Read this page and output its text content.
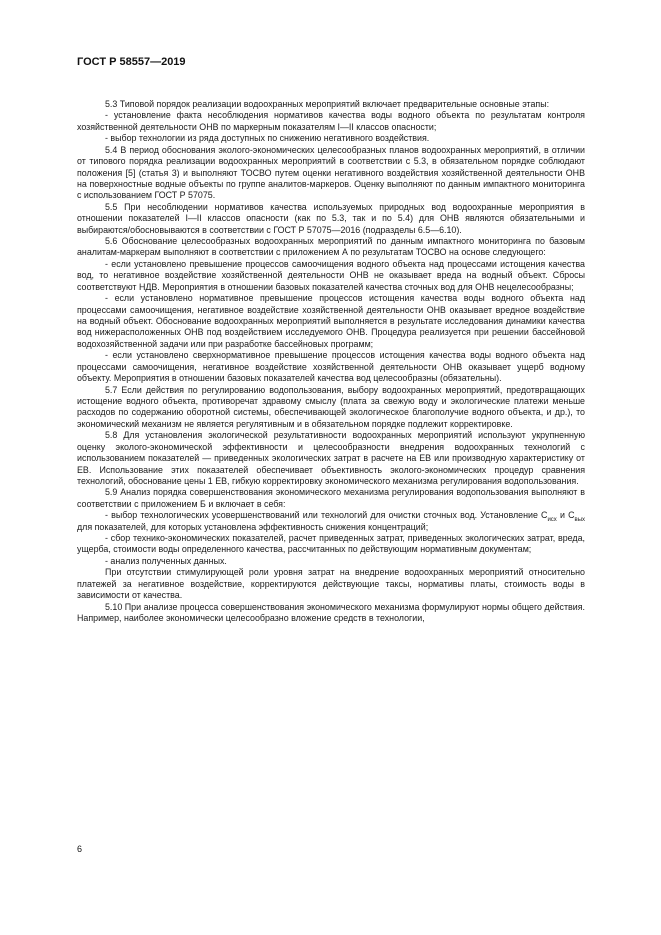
ГОСТ Р 58557—2019

5.3 Типовой порядок реализации водоохранных мероприятий включает предварительные основные этапы:

- установление факта несоблюдения нормативов качества воды водного объекта по результатам контроля хозяйственной деятельности ОНВ по маркерным показателям I—II классов опасности;

- выбор технологии из ряда доступных по снижению негативного воздействия.

5.4 В период обоснования эколого-экономических целесообразных планов водоохранных мероприятий, в отличии от типового порядка реализации водоохранных мероприятий в соответствии с 5.3, в обязательном порядке соблюдают положения [5] (статья 3) и выполняют ТОСВО путем оценки негативного воздействия хозяйственной деятельности ОНВ на поверхностные водные объекты по группе аналитов-маркеров. Оценку выполняют по данным импактного мониторинга с использованием ГОСТ Р 57075.

5.5 При несоблюдении нормативов качества используемых природных вод водоохранные мероприятия в отношении показателей I—II классов опасности (как по 5.3, так и по 5.4) для ОНВ являются обязательными и выбираются/обосновываются в соответствии с ГОСТ Р 57075—2016 (подразделы 6.5—6.10).

5.6 Обоснование целесообразных водоохранных мероприятий по данным импактного мониторинга по базовым аналитам-маркерам выполняют в соответствии с приложением А по результатам ТОСВО на основе следующего:

- если установлено превышение процессов самоочищения водного объекта над процессами истощения качества вод, то негативное воздействие хозяйственной деятельности ОНВ не оказывает вреда на водный объект. Сбросы соответствуют НДВ. Мероприятия в отношении базовых показателей качества сточных вод для ОНВ нецелесообразны;

- если установлено нормативное превышение процессов истощения качества воды водного объекта над процессами самоочищения, негативное воздействие хозяйственной деятельности ОНВ оказывает вредное воздействие на водный объект. Обоснование водоохранных мероприятий выполняется в результате исследования динамики качества вод нижерасположенных ОНВ под воздействием исследуемого ОНВ. Процедура реализуется при решении бассейновой водохозяйственной задачи или при разработке бассейновых программ;

- если установлено сверхнормативное превышение процессов истощения качества воды водного объекта над процессами самоочищения, негативное воздействие хозяйственной деятельности ОНВ оказывает ущерб водному объекту. Мероприятия в отношении базовых показателей качества вод целесообразны (обязательны).

5.7 Если действия по регулированию водопользования, выбору водоохранных мероприятий, предотвращающих истощение водного объекта, противоречат здравому смыслу (плата за свежую воду и экологические платежи меньше расходов по содержанию оборотной системы, обеспечивающей экологическое благополучие водного объекта, и др.), то экономический механизм не является регулятивным и в обязательном порядке подлежит корректировке.

5.8 Для установления экологической результативности водоохранных мероприятий используют укрупненную оценку эколого-экономической эффективности и целесообразности внедрения водоохранных технологий с использованием показателей — приведенных экологических затрат в расчете на ЕВ или производную характеристику от ЕВ. Использование этих показателей обеспечивает объективность эколого-экономических процедур сравнения технологий, обоснование цены 1 ЕВ, гибкую корректировку экономического механизма регулирования водопользования.

5.9 Анализ порядка совершенствования экономического механизма регулирования водопользования выполняют в соответствии с приложением Б и включает в себя:

- выбор технологических усовершенствований или технологий для очистки сточных вод. Установление $С_{исх}$ и $С_{вых}$ для показателей, для которых установлена эффективность снижения концентраций;

- сбор технико-экономических показателей, расчет приведенных затрат, приведенных экологических затрат, вреда, ущерба, стоимости воды определенного качества, рассчитанных по действующим нормативным документам;

- анализ полученных данных.

При отсутствии стимулирующей роли уровня затрат на внедрение водоохранных мероприятий относительно платежей за негативное воздействие, корректируются действующие таксы, нормативы платы, стоимость воды в зависимости от качества.

5.10 При анализе процесса совершенствования экономического механизма формулируют нормы общего действия. Например, наиболее экономически целесообразно вложение средств в технологии,

6
